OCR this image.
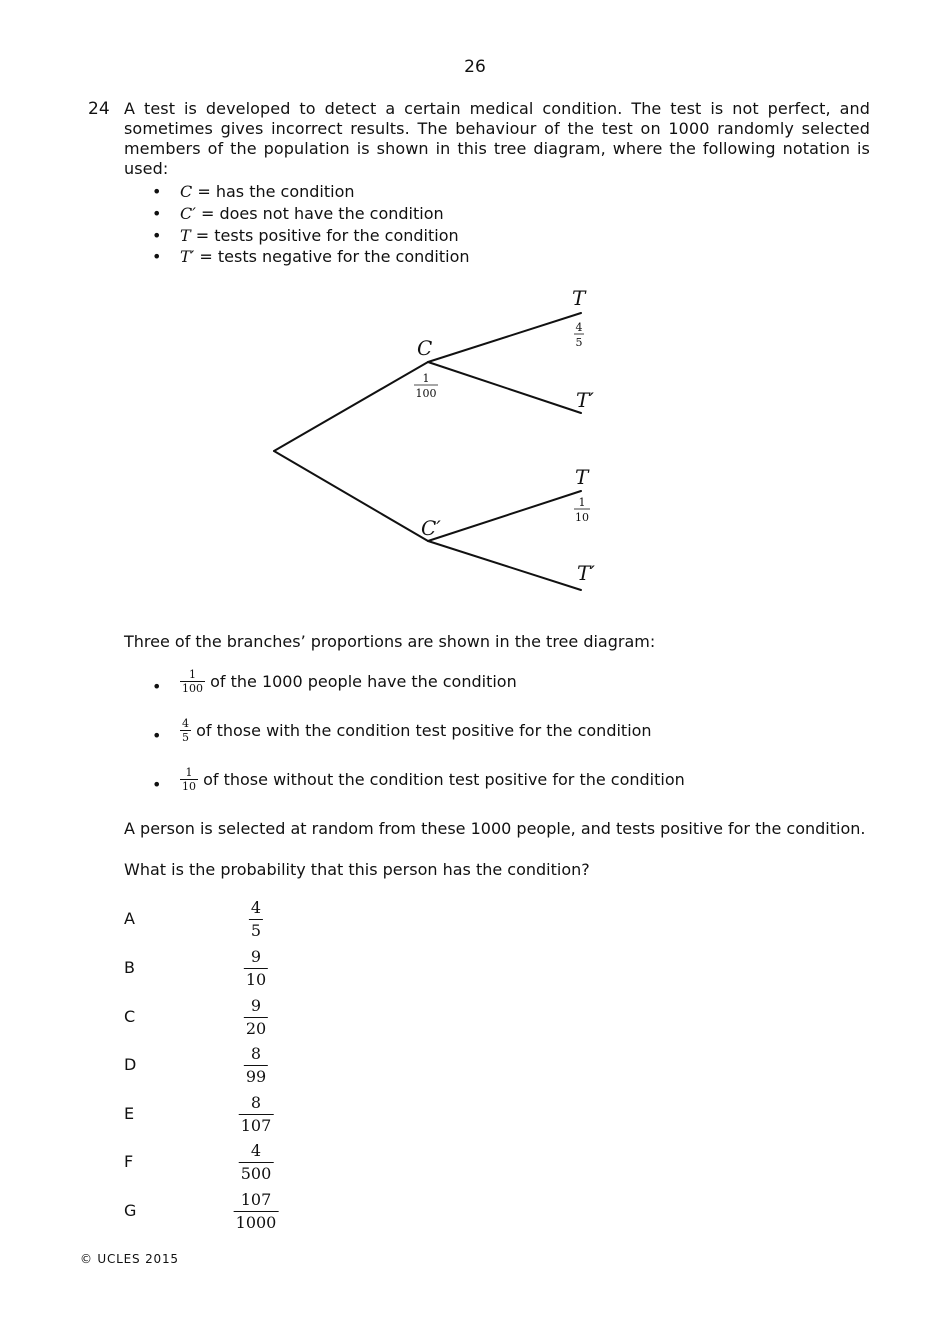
26
24 A test is developed to detect a certain medical condition. The test is not perfect, and sometimes gives incorrect results. The behaviour of the test on 1000 randomly selected members of the population is shown in this tree diagram, where the following notation is used:
• C = has the condition
• C′ = does not have the condition
• T = tests positive for the condition
• T′ = tests negative for the condition
C
C′
T
T′
T
T′
1
100
4
5
1
10
Three of the branches’ proportions are shown in the tree diagram:
• $\frac{1}{100}$ of the 1000 people have the condition
• $\frac{4}{5}$ of those with the condition test positive for the condition
• $\frac{1}{10}$ of those without the condition test positive for the condition
A person is selected at random from these 1000 people, and tests positive for the condition.
What is the probability that this person has the condition?
A	$\frac{4}{5}$
B	$\frac{9}{10}$
C	$\frac{9}{20}$
D	$\frac{8}{99}$
E	$\frac{8}{107}$
F	$\frac{4}{500}$
G	$\frac{107}{1000}$
© UCLES 2015
